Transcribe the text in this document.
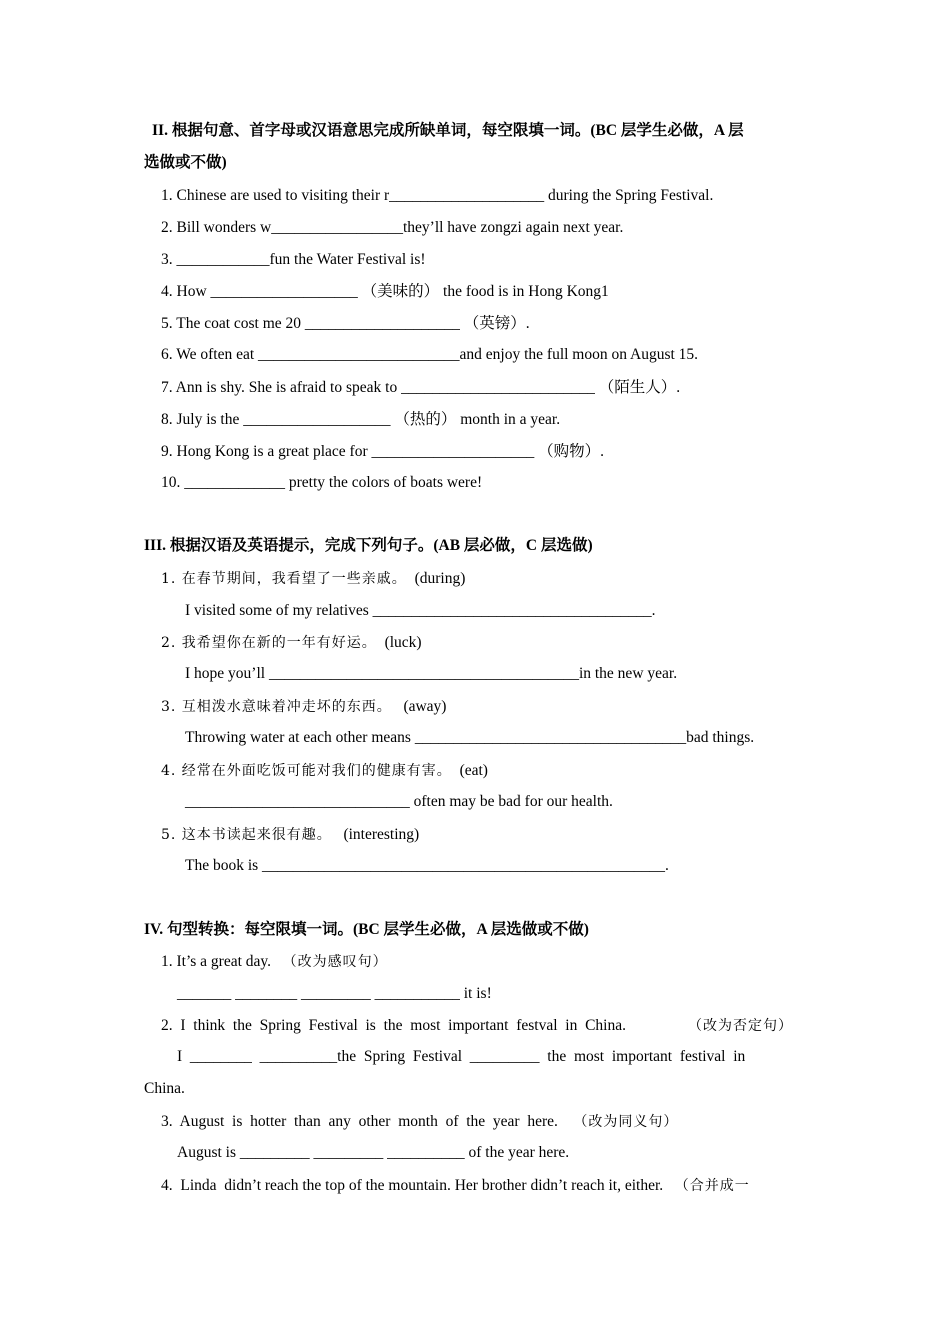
II. 根据句意、首字母或汉语意思完成所缺单词，每空限填一词。(BC 层学生必做，A 层
选做或不做)
1. Chinese are used to visiting their r____________________ during the Spring Festival.
2. Bill wonders w_________________they’ll have zongzi again next year.
3. ____________fun the Water Festival is!
4. How ___________________ （美味的） the food is in Hong Kong1
5. The coat cost me 20 ____________________ （英镑）.
6. We often eat __________________________and enjoy the full moon on August 15.
7. Ann is shy. She is afraid to speak to _________________________ （陌生人）.
8. July is the ___________________ （热的） month in a year.
9. Hong Kong is a great place for _____________________ （购物）.
10. _____________ pretty the colors of boats were!
III. 根据汉语及英语提示，完成下列句子。(AB 层必做，C 层选做)
1. 在春节期间，我看望了一些亲戚。 (during)
I visited some of my relatives ____________________________________.
2. 我希望你在新的一年有好运。 (luck)
I hope you’ll ________________________________________in the new year.
3. 互相泼水意味着冲走坏的东西。 (away)
Throwing water at each other means ___________________________________bad things.
4. 经常在外面吃饭可能对我们的健康有害。 (eat)
_____________________________ often may be bad for our health.
5. 这本书读起来很有趣。 (interesting)
The book is ____________________________________________________.
IV. 句型转换：每空限填一词。(BC 层学生必做，A 层选做或不做)
1. It’s a great day. （改为感叹句）
_______ ________ _________ ___________ it is!
2.  I  think  the  Spring  Festival  is  the  most  important  festval  in  China.	（改为否定句）
I  ________  __________the  Spring  Festival  _________  the  most  important  festival  in
China.
3.  August  is  hotter  than  any  other  month  of  the  year  here. （改为同义句）
August is _________ _________ __________ of the year here.
4.  Linda  didn’t reach the top of the mountain. Her brother didn’t reach it, either. （合并成一
